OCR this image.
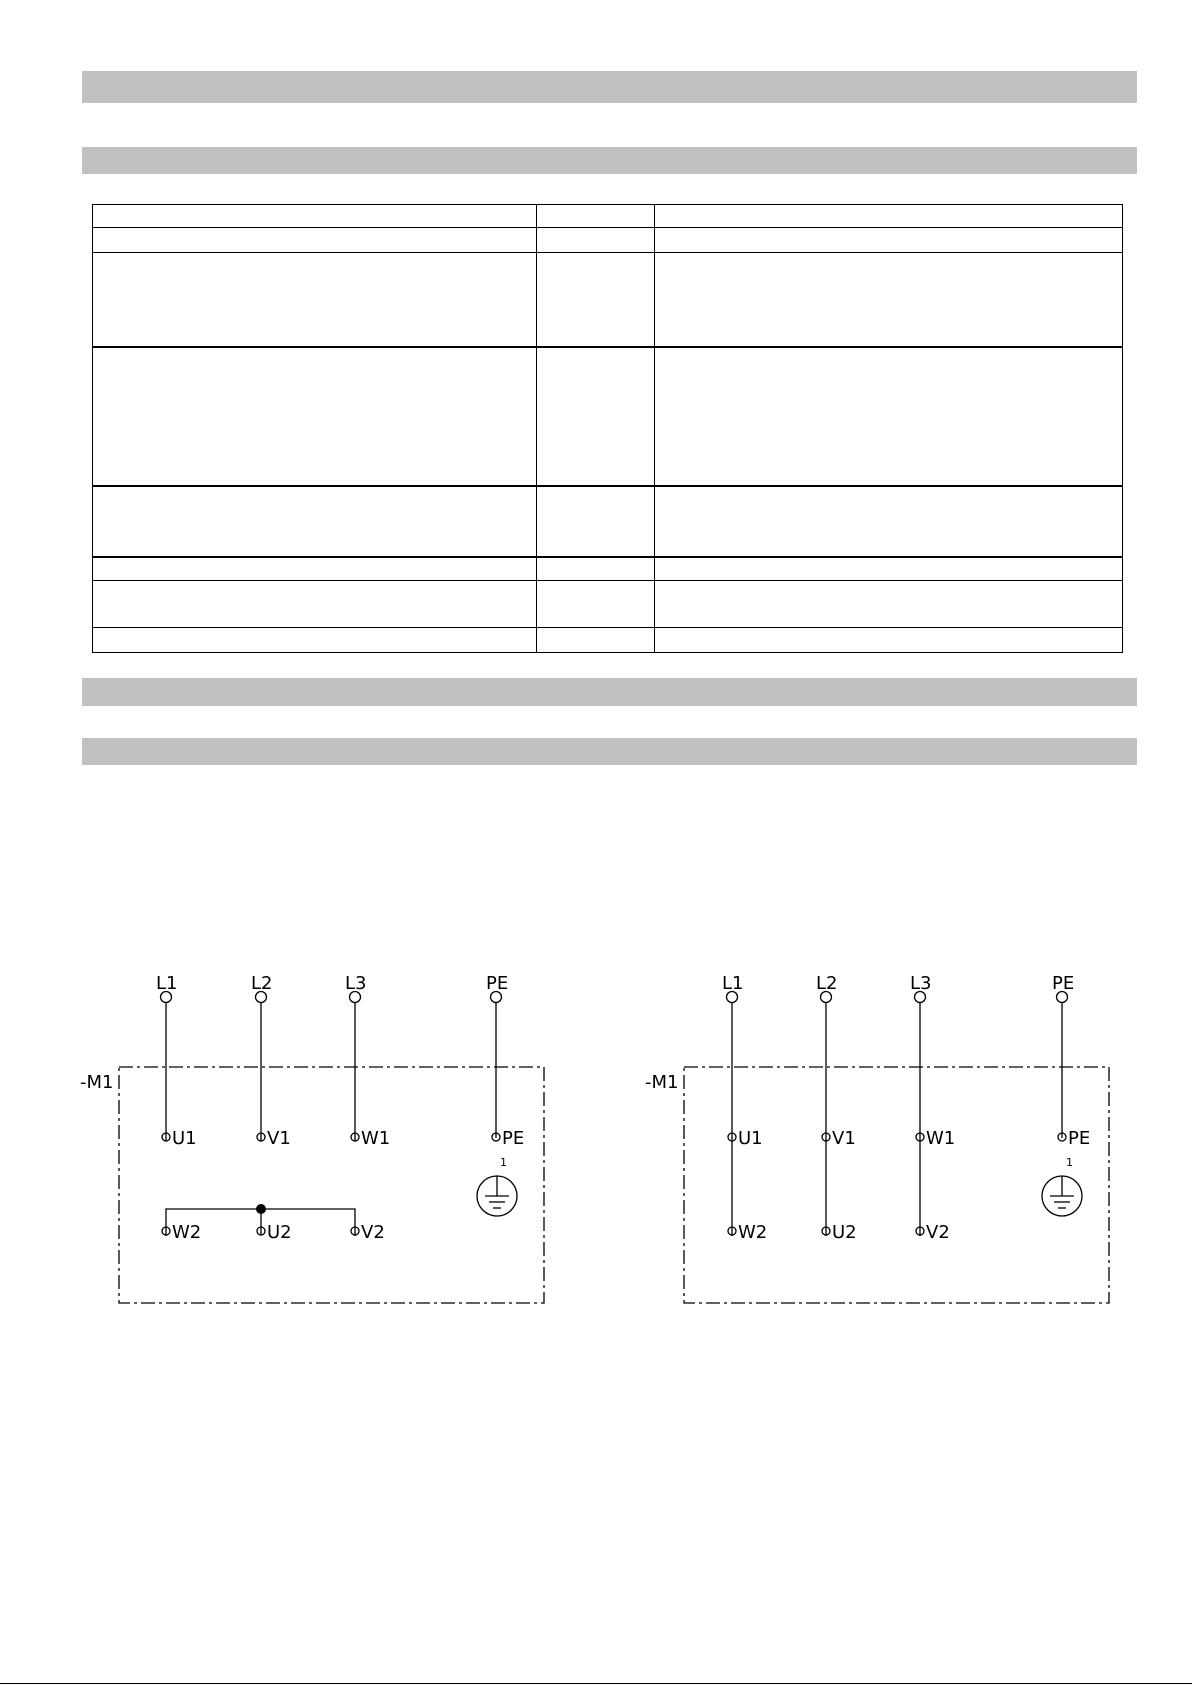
L1	L2	L3	PE
-M1
U1	V1	W1	PE
1
W2	U2	V2
L1	L2	L3	PE
-M1
U1	V1	W1	PE
1
W2	U2	V2
